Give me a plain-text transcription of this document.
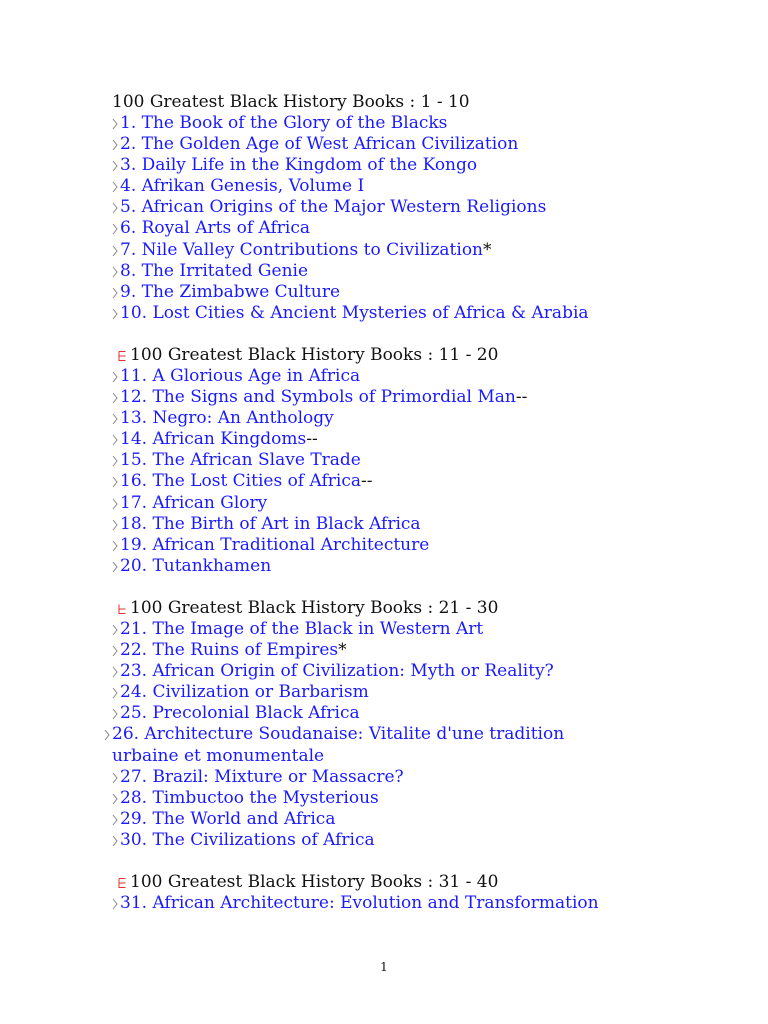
100 Greatest Black History Books : 1 - 10
1. The Book of the Glory of the Blacks
2. The Golden Age of West African Civilization
3. Daily Life in the Kingdom of the Kongo
4. Afrikan Genesis, Volume I
5. African Origins of the Major Western Religions
6. Royal Arts of Africa
7. Nile Valley Contributions to Civilization*
8. The Irritated Genie
9. The Zimbabwe Culture
10. Lost Cities & Ancient Mysteries of Africa & Arabia
100 Greatest Black History Books : 11 - 20
11. A Glorious Age in Africa
12. The Signs and Symbols of Primordial Man--
13. Negro: An Anthology
14. African Kingdoms--
15. The African Slave Trade
16. The Lost Cities of Africa--
17. African Glory
18. The Birth of Art in Black Africa
19. African Traditional Architecture
20. Tutankhamen
100 Greatest Black History Books : 21 - 30
21. The Image of the Black in Western Art
22. The Ruins of Empires*
23. African Origin of Civilization: Myth or Reality?
24. Civilization or Barbarism
25. Precolonial Black Africa
26. Architecture Soudanaise: Vitalite d'une tradition urbaine et monumentale
27. Brazil: Mixture or Massacre?
28. Timbuctoo the Mysterious
29. The World and Africa
30. The Civilizations of Africa
100 Greatest Black History Books : 31 - 40
31. African Architecture: Evolution and Transformation
1
